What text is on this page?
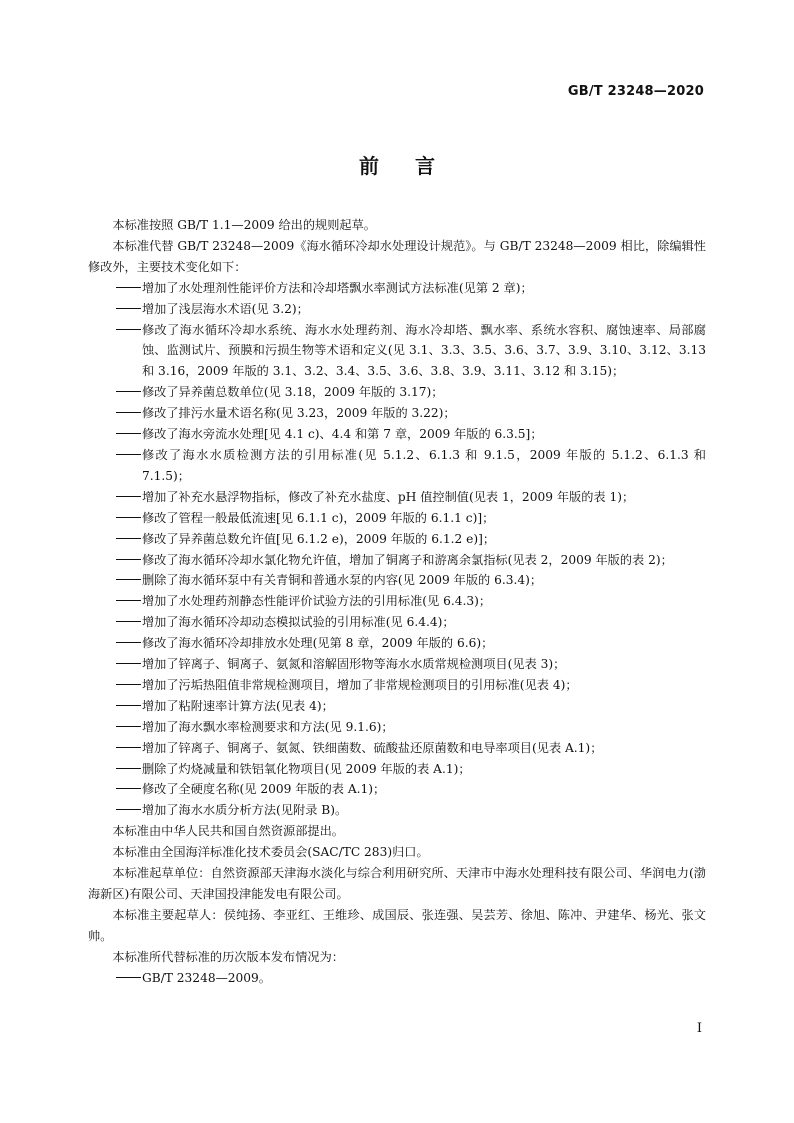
GB/T 23248—2020
前言

本标准按照 GB/T 1.1—2009 给出的规则起草。

本标准代替 GB/T 23248—2009《海水循环冷却水处理设计规范》。与 GB/T 23248—2009 相比，除编辑性修改外，主要技术变化如下：

增加了水处理剂性能评价方法和冷却塔飘水率测试方法标准(见第 2 章)；
增加了浅层海水术语(见 3.2)；
修改了海水循环冷却水系统、海水水处理药剂、海水冷却塔、飘水率、系统水容积、腐蚀速率、局部腐蚀、监测试片、预膜和污损生物等术语和定义(见 3.1、3.3、3.5、3.6、3.7、3.9、3.10、3.12、3.13 和 3.16，2009 年版的 3.1、3.2、3.4、3.5、3.6、3.8、3.9、3.11、3.12 和 3.15)；
修改了异养菌总数单位(见 3.18，2009 年版的 3.17)；
修改了排污水量术语名称(见 3.23，2009 年版的 3.22)；
修改了海水旁流水处理[见 4.1 c)、4.4 和第 7 章，2009 年版的 6.3.5]；
修改了海水水质检测方法的引用标准(见 5.1.2、6.1.3 和 9.1.5，2009 年版的 5.1.2、6.1.3 和 7.1.5)；
增加了补充水悬浮物指标，修改了补充水盐度、pH 值控制值(见表 1，2009 年版的表 1)；
修改了管程一般最低流速[见 6.1.1 c)，2009 年版的 6.1.1 c)]；
修改了异养菌总数允许值[见 6.1.2 e)，2009 年版的 6.1.2 e)]；
修改了海水循环冷却水氯化物允许值，增加了铜离子和游离余氯指标(见表 2，2009 年版的表 2)；
删除了海水循环泵中有关青铜和普通水泵的内容(见 2009 年版的 6.3.4)；
增加了水处理药剂静态性能评价试验方法的引用标准(见 6.4.3)；
增加了海水循环冷却动态模拟试验的引用标准(见 6.4.4)；
修改了海水循环冷却排放水处理(见第 8 章，2009 年版的 6.6)；
增加了锌离子、铜离子、氨氮和溶解固形物等海水水质常规检测项目(见表 3)；
增加了污垢热阻值非常规检测项目，增加了非常规检测项目的引用标准(见表 4)；
增加了粘附速率计算方法(见表 4)；
增加了海水飘水率检测要求和方法(见 9.1.6)；
增加了锌离子、铜离子、氨氮、铁细菌数、硫酸盐还原菌数和电导率项目(见表 A.1)；
删除了灼烧减量和铁铝氧化物项目(见 2009 年版的表 A.1)；
修改了全硬度名称(见 2009 年版的表 A.1)；
增加了海水水质分析方法(见附录 B)。

本标准由中华人民共和国自然资源部提出。

本标准由全国海洋标准化技术委员会(SAC/TC 283)归口。

本标准起草单位：自然资源部天津海水淡化与综合利用研究所、天津市中海水处理科技有限公司、华润电力(渤海新区)有限公司、天津国投津能发电有限公司。

本标准主要起草人：侯纯扬、李亚红、王维珍、成国辰、张连强、吴芸芳、徐旭、陈冲、尹建华、杨光、张文帅。

本标准所代替标准的历次版本发布情况为：

GB/T 23248—2009。
I
